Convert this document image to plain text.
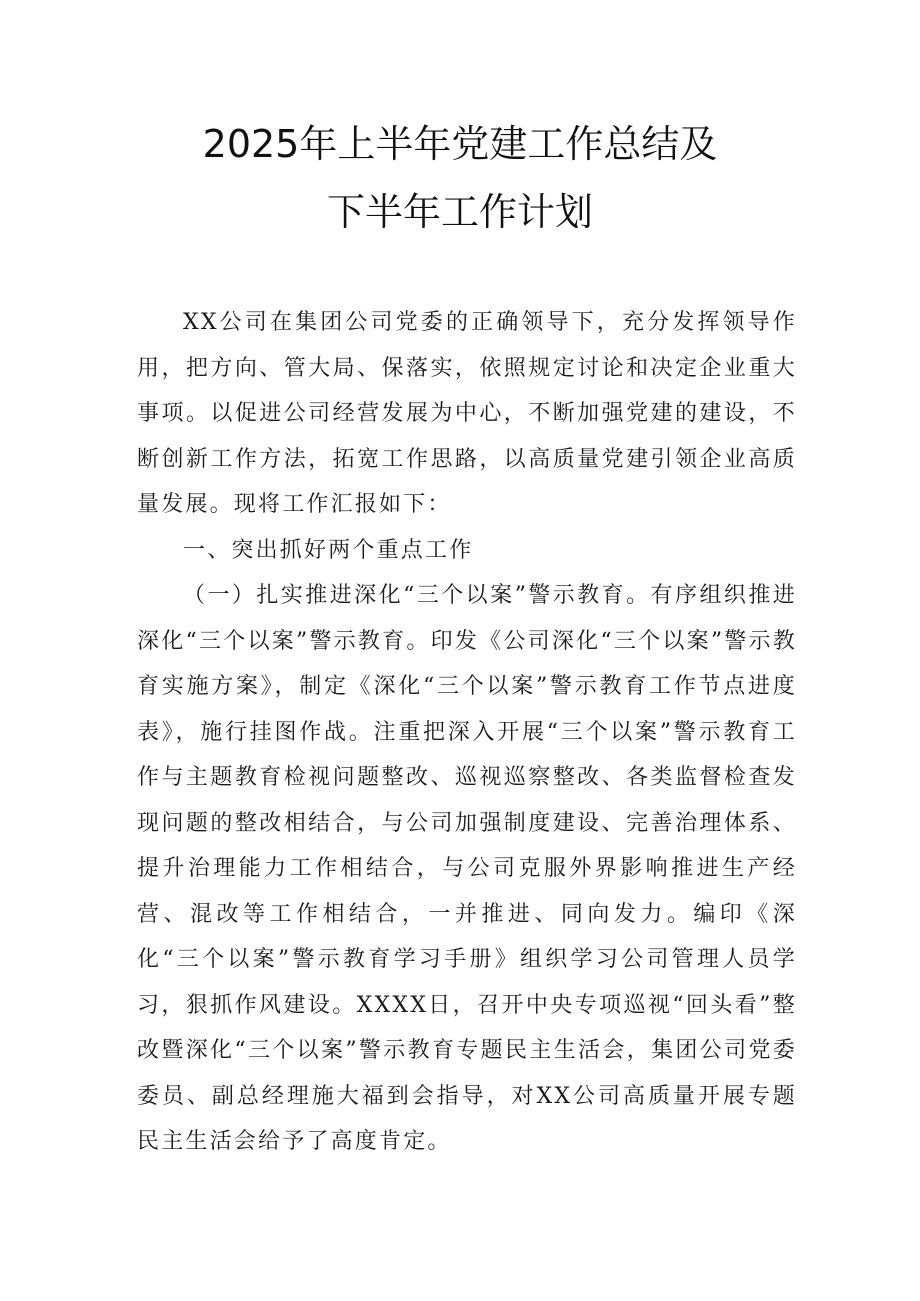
2025年上半年党建工作总结及
下半年工作计划

XX公司在集团公司党委的正确领导下，充分发挥领导作用，把方向、管大局、保落实，依照规定讨论和决定企业重大事项。以促进公司经营发展为中心，不断加强党建的建设，不断创新工作方法，拓宽工作思路，以高质量党建引领企业高质量发展。现将工作汇报如下：

一、突出抓好两个重点工作

（一）扎实推进深化“三个以案”警示教育。有序组织推进深化“三个以案”警示教育。印发《公司深化“三个以案”警示教育实施方案》，制定《深化“三个以案”警示教育工作节点进度表》，施行挂图作战。注重把深入开展“三个以案”警示教育工作与主题教育检视问题整改、巡视巡察整改、各类监督检查发现问题的整改相结合，与公司加强制度建设、完善治理体系、提升治理能力工作相结合，与公司克服外界影响推进生产经营、混改等工作相结合，一并推进、同向发力。编印《深化“三个以案”警示教育学习手册》组织学习公司管理人员学习，狠抓作风建设。XXXX日，召开中央专项巡视“回头看”整改暨深化“三个以案”警示教育专题民主生活会，集团公司党委委员、副总经理施大福到会指导，对XX公司高质量开展专题民主生活会给予了高度肯定。
